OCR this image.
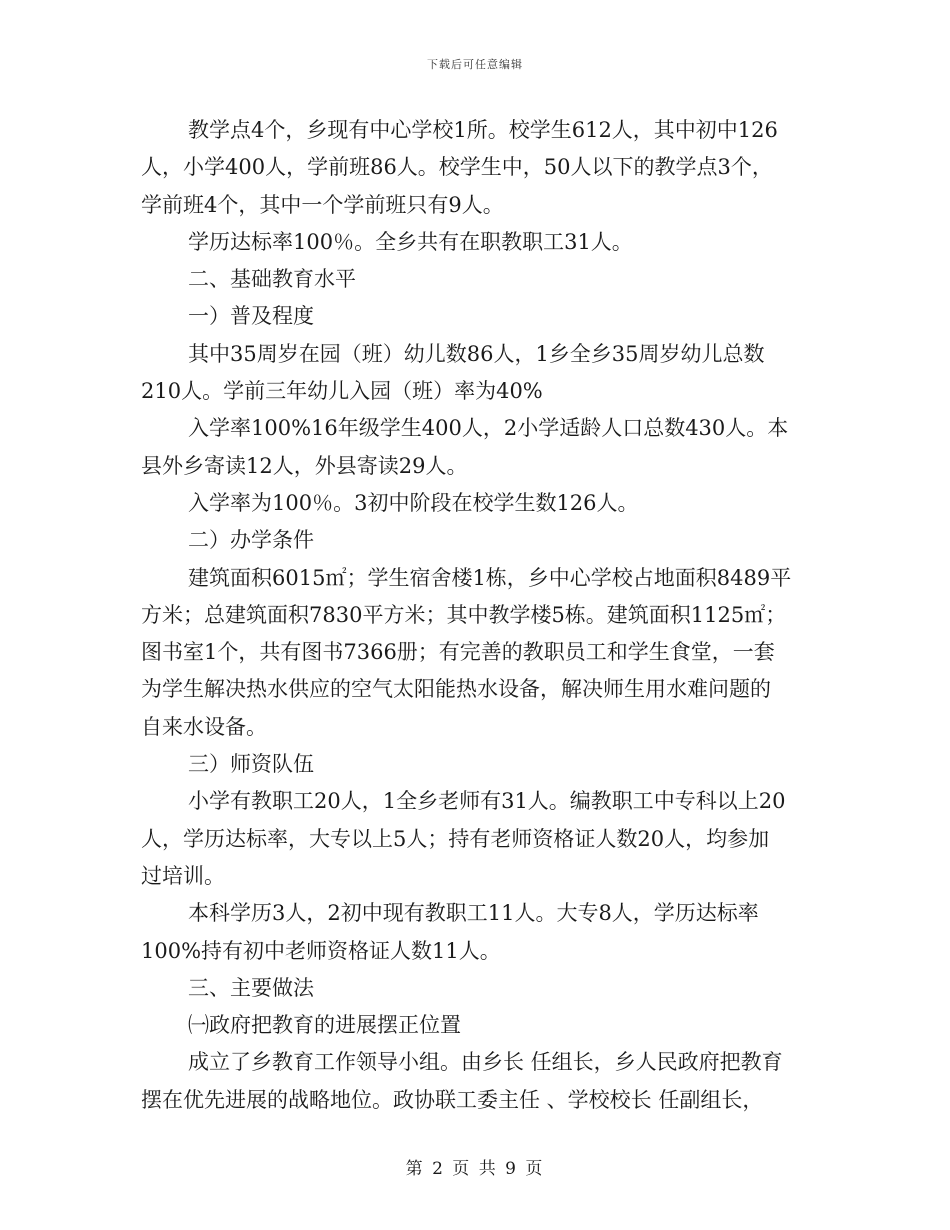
下载后可任意编辑
教学点4个，乡现有中心学校1所。校学生612人，其中初中126
人，小学400人，学前班86人。校学生中，50人以下的教学点3个，
学前班4个，其中一个学前班只有9人。
学历达标率100％。全乡共有在职教职工31人。
二、基础教育水平
一）普及程度
其中35周岁在园（班）幼儿数86人，1乡全乡35周岁幼儿总数
210人。学前三年幼儿入园（班）率为40%
入学率100%16年级学生400人，2小学适龄人口总数430人。本
县外乡寄读12人，外县寄读29人。
入学率为100％。3初中阶段在校学生数126人。
二）办学条件
建筑面积6015㎡；学生宿舍楼1栋，乡中心学校占地面积8489平
方米；总建筑面积7830平方米；其中教学楼5栋。建筑面积1125㎡；
图书室1个，共有图书7366册；有完善的教职员工和学生食堂，一套
为学生解决热水供应的空气太阳能热水设备，解决师生用水难问题的
自来水设备。
三）师资队伍
小学有教职工20人，1全乡老师有31人。编教职工中专科以上20
人，学历达标率，大专以上5人；持有老师资格证人数20人，均参加
过培训。
本科学历3人，2初中现有教职工11人。大专8人，学历达标率
100%持有初中老师资格证人数11人。
三、主要做法
㈠政府把教育的进展摆正位置
成立了乡教育工作领导小组。由乡长 任组长，乡人民政府把教育
摆在优先进展的战略地位。政协联工委主任 、学校校长 任副组长，
第 2 页 共 9 页
